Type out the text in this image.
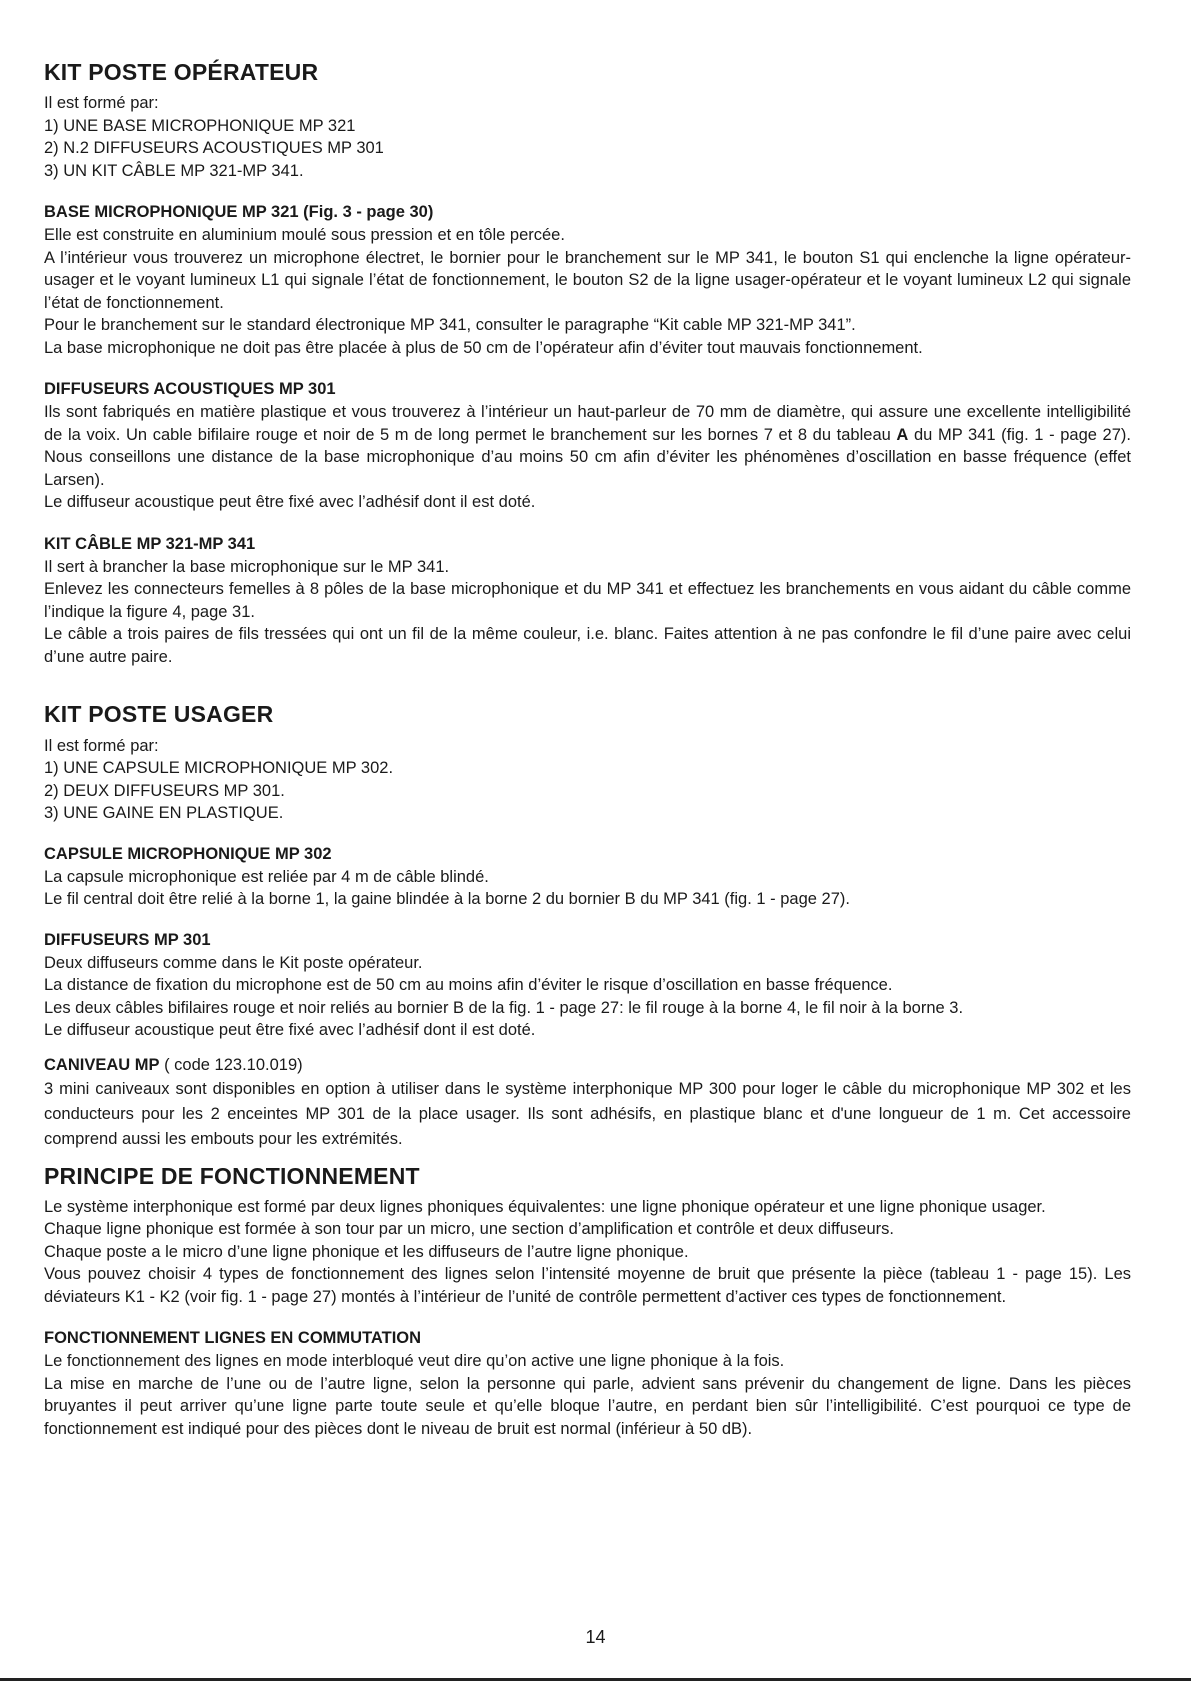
KIT POSTE OPÉRATEUR

Il est formé par:

1) UNE BASE MICROPHONIQUE MP 321

2) N.2 DIFFUSEURS ACOUSTIQUES MP 301

3) UN KIT CÂBLE MP 321-MP 341.

BASE MICROPHONIQUE MP 321 (Fig. 3 - page 30)

Elle est construite en aluminium moulé sous pression et en tôle percée.

A l’intérieur vous trouverez un microphone électret, le bornier pour le branchement sur le MP 341, le bouton S1 qui enclenche la ligne opérateur-usager et le voyant lumineux L1 qui signale l’état de fonctionnement, le bouton S2 de la ligne usager-opérateur et le voyant lumineux L2 qui signale l’état de fonctionnement.

Pour le branchement sur le standard électronique MP 341, consulter le paragraphe “Kit cable MP 321-MP 341”.

La base microphonique ne doit pas être placée à plus de 50 cm de l’opérateur afin d’éviter tout mauvais fonctionnement.

DIFFUSEURS ACOUSTIQUES MP 301

Ils sont fabriqués en matière plastique et vous trouverez à l’intérieur un haut-parleur de 70 mm de diamètre, qui assure une excellente intelligibilité de la voix. Un cable bifilaire rouge et noir de 5 m de long permet le branchement sur les bornes 7 et 8 du tableau A du MP 341 (fig. 1 - page 27). Nous conseillons une distance de la base microphonique d’au moins 50 cm afin d’éviter les phénomènes d’oscillation en basse fréquence (effet Larsen).

Le diffuseur acoustique peut être fixé avec l’adhésif dont il est doté.

KIT CÂBLE MP 321-MP 341

Il sert à brancher la base microphonique sur le MP 341.

Enlevez les connecteurs femelles à 8 pôles de la base microphonique et du MP 341 et effectuez les branchements en vous aidant du câble comme l’indique la figure 4, page 31.

Le câble a trois paires de fils tressées qui ont un fil de la même couleur, i.e. blanc. Faites attention à ne pas confondre le fil d’une paire avec celui d’une autre paire.

KIT POSTE USAGER

Il est formé par:

1) UNE CAPSULE MICROPHONIQUE MP 302.

2) DEUX DIFFUSEURS MP 301.

3) UNE GAINE EN PLASTIQUE.

CAPSULE MICROPHONIQUE MP 302

La capsule microphonique est reliée par 4 m de câble blindé.

Le fil central doit être relié à la borne 1, la gaine blindée à la borne 2 du bornier B du MP 341 (fig. 1 - page 27).

DIFFUSEURS MP 301

Deux diffuseurs comme dans le Kit poste opérateur.

La distance de fixation du microphone est de 50 cm au moins afin d’éviter le risque d’oscillation en basse fréquence.

Les deux câbles bifilaires rouge et noir reliés au bornier B de la fig. 1 - page 27: le fil rouge à la borne 4, le fil noir à la borne 3.

Le diffuseur acoustique peut être fixé avec l’adhésif dont il est doté.

CANIVEAU MP ( code 123.10.019)

3 mini caniveaux sont disponibles en option à utiliser dans le système interphonique MP 300 pour loger le câble du microphonique MP 302 et les conducteurs pour les 2 enceintes MP 301 de la place usager. Ils sont adhésifs, en plastique blanc et d'une longueur de 1 m. Cet accessoire comprend aussi les embouts pour les extrémités.

PRINCIPE DE FONCTIONNEMENT

Le système interphonique est formé par deux lignes phoniques équivalentes: une ligne phonique opérateur et une ligne phonique usager.

Chaque ligne phonique est formée à son tour par un micro, une section d’amplification et contrôle et deux diffuseurs.

Chaque poste a le micro d’une ligne phonique et les diffuseurs de l’autre ligne phonique.

Vous pouvez choisir 4 types de fonctionnement des lignes selon l’intensité moyenne de bruit que présente la pièce (tableau 1 - page 15). Les déviateurs K1 - K2 (voir fig. 1 - page 27) montés à l’intérieur de l’unité de contrôle permettent d’activer ces types de fonctionnement.

FONCTIONNEMENT LIGNES EN COMMUTATION

Le fonctionnement des lignes en mode interbloqué veut dire qu’on active une ligne phonique à la fois.

La mise en marche de l’une ou de l’autre ligne, selon la personne qui parle, advient sans prévenir du changement de ligne. Dans les pièces bruyantes il peut arriver qu’une ligne parte toute seule et qu’elle bloque l’autre, en perdant bien sûr l’intelligibilité. C’est pourquoi ce type de fonctionnement est indiqué pour des pièces dont le niveau de bruit est normal (inférieur à 50 dB).

14
